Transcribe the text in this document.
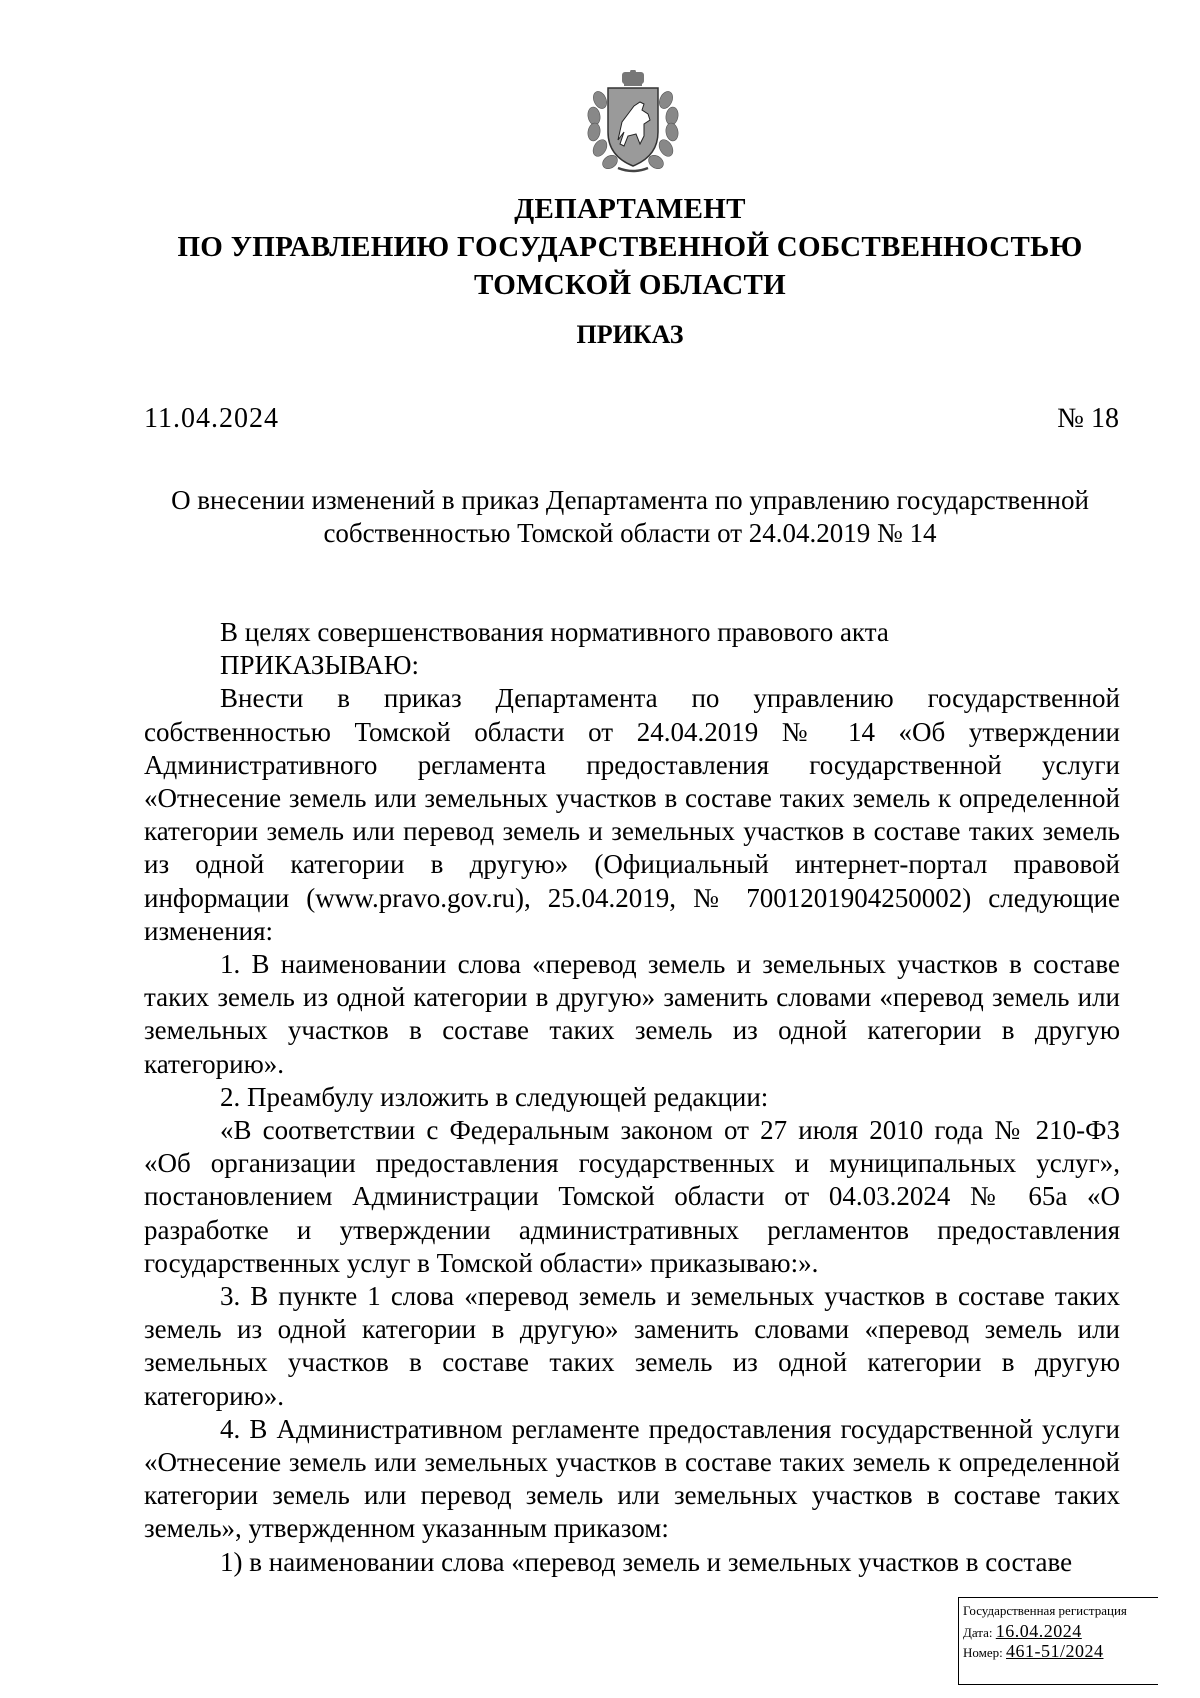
ДЕПАРТАМЕНТ
ПО УПРАВЛЕНИЮ ГОСУДАРСТВЕННОЙ СОБСТВЕННОСТЬЮ
ТОМСКОЙ ОБЛАСТИ
ПРИКАЗ
11.04.2024	№ 18
О внесении изменений в приказ Департамента по управлению государственной
собственностью Томской области от 24.04.2019 № 14

В целях совершенствования нормативного правового акта

ПРИКАЗЫВАЮ:

Внести в приказ Департамента по управлению государственной собственностью Томской области от 24.04.2019 № 14 «Об утверждении Административного регламента предоставления государственной услуги «Отнесение земель или земельных участков в составе таких земель к определенной категории земель или перевод земель и земельных участков в составе таких земель из одной категории в другую» (Официальный интернет-портал правовой информации (www.pravo.gov.ru), 25.04.2019, № 7001201904250002) следующие изменения:

1. В наименовании слова «перевод земель и земельных участков в составе таких земель из одной категории в другую» заменить словами «перевод земель или земельных участков в составе таких земель из одной категории в другую категорию».

2. Преамбулу изложить в следующей редакции:

«В соответствии с Федеральным законом от 27 июля 2010 года № 210-ФЗ «Об организации предоставления государственных и муниципальных услуг», постановлением Администрации Томской области от 04.03.2024 № 65а «О разработке и утверждении административных регламентов предоставления государственных услуг в Томской области» приказываю:».

3. В пункте 1 слова «перевод земель и земельных участков в составе таких земель из одной категории в другую» заменить словами «перевод земель или земельных участков в составе таких земель из одной категории в другую категорию».

4. В Административном регламенте предоставления государственной услуги «Отнесение земель или земельных участков в составе таких земель к определенной категории земель или перевод земель или земельных участков в составе таких земель», утвержденном указанным приказом:

1) в наименовании слова «перевод земель и земельных участков в составе

Государственная регистрация
Дата: 16.04.2024
Номер: 461-51/2024
